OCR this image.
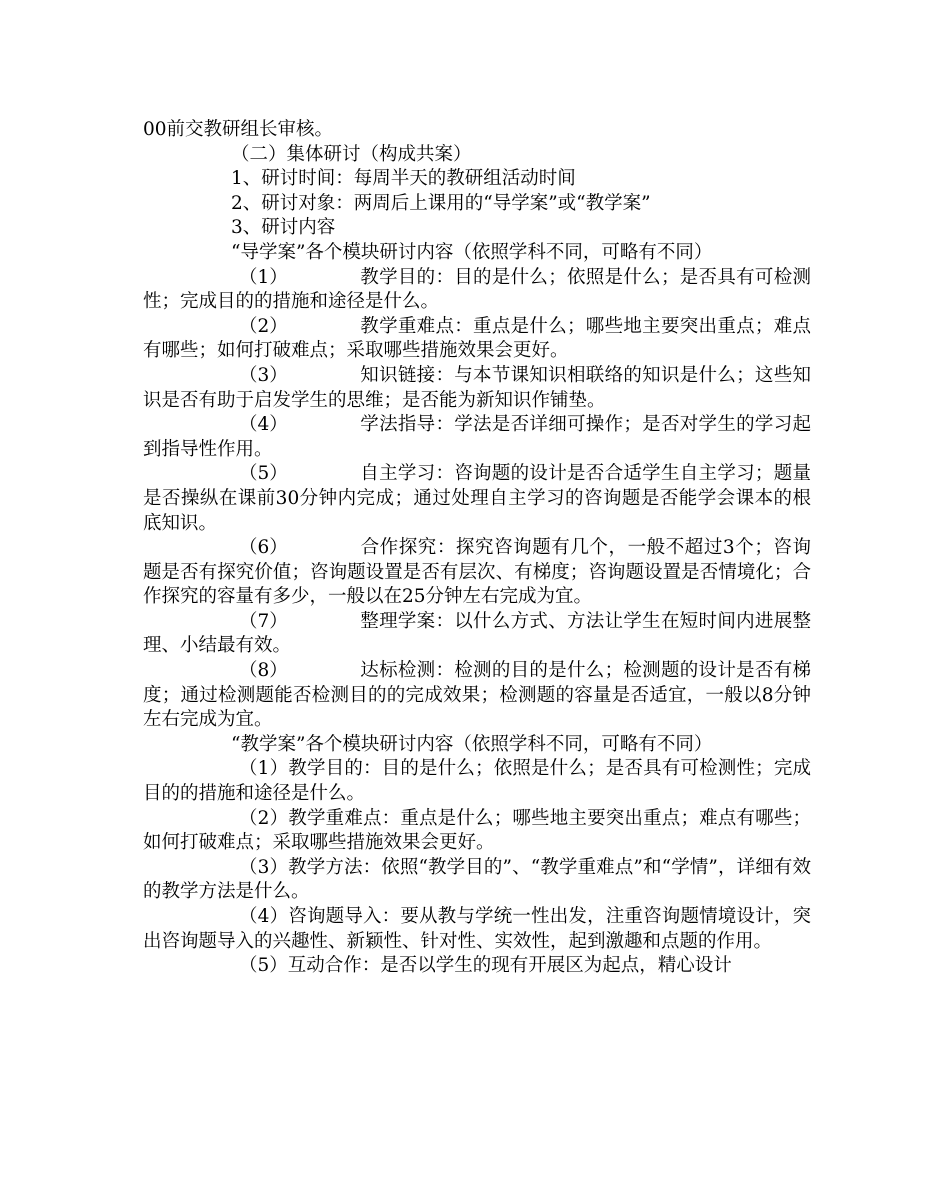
00前交教研组长审核。

（二）集体研讨（构成共案）

1、研讨时间：每周半天的教研组活动时间

2、研讨对象：两周后上课用的“导学案”或“教学案”

3、研讨内容

“导学案”各个模块研讨内容（依照学科不同，可略有不同）

（1）	教学目的：目的是什么；依照是什么；是否具有可检测性；完成目的的措施和途径是什么。

（2）	教学重难点：重点是什么；哪些地主要突出重点；难点有哪些；如何打破难点；采取哪些措施效果会更好。

（3）	知识链接：与本节课知识相联络的知识是什么；这些知识是否有助于启发学生的思维；是否能为新知识作铺垫。

（4）	学法指导：学法是否详细可操作；是否对学生的学习起到指导性作用。

（5）	自主学习：咨询题的设计是否合适学生自主学习；题量是否操纵在课前30分钟内完成；通过处理自主学习的咨询题是否能学会课本的根底知识。

（6）	合作探究：探究咨询题有几个，一般不超过3个；咨询题是否有探究价值；咨询题设置是否有层次、有梯度；咨询题设置是否情境化；合作探究的容量有多少，一般以在25分钟左右完成为宜。

（7）	整理学案：以什么方式、方法让学生在短时间内进展整理、小结最有效。

（8）	达标检测：检测的目的是什么；检测题的设计是否有梯度；通过检测题能否检测目的的完成效果；检测题的容量是否适宜，一般以8分钟左右完成为宜。

“教学案”各个模块研讨内容（依照学科不同，可略有不同）

（1）教学目的：目的是什么；依照是什么；是否具有可检测性；完成目的的措施和途径是什么。

（2）教学重难点：重点是什么；哪些地主要突出重点；难点有哪些；如何打破难点；采取哪些措施效果会更好。

（3）教学方法：依照“教学目的”、“教学重难点”和“学情”，详细有效的教学方法是什么。

（4）咨询题导入：要从教与学统一性出发，注重咨询题情境设计，突出咨询题导入的兴趣性、新颖性、针对性、实效性，起到激趣和点题的作用。

（5）互动合作：是否以学生的现有开展区为起点，精心设计
